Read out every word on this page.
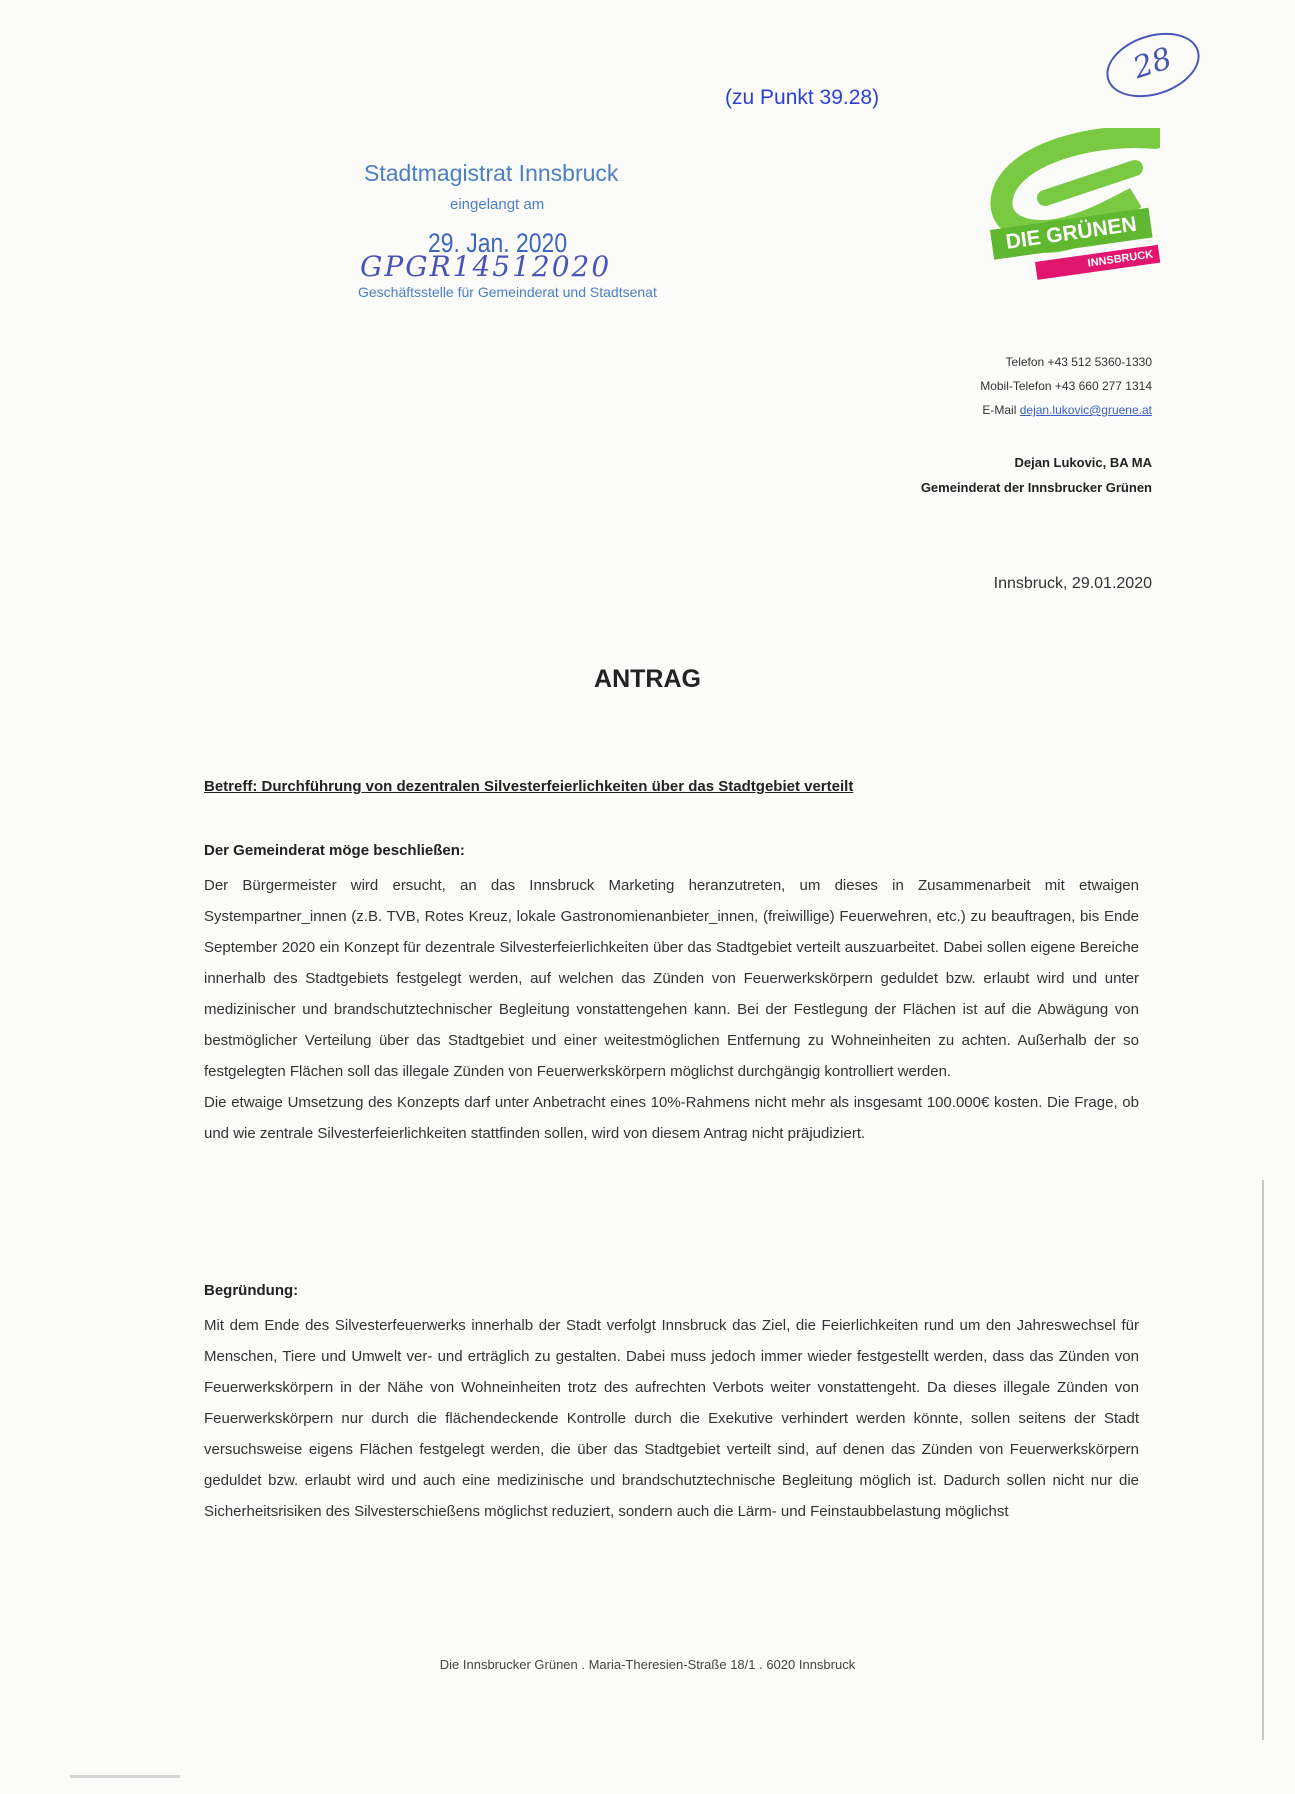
(zu Punkt 39.28)
28
Stadtmagistrat Innsbruck
eingelangt am
29. Jan. 2020
GPGR14512020
Geschäftsstelle für Gemeinderat und Stadtsenat
DIE GRÜNEN
INNSBRUCK
Telefon +43 512 5360-1330
Mobil-Telefon +43 660 277 1314
E-Mail dejan.lukovic@gruene.at
Dejan Lukovic, BA MA
Gemeinderat der Innsbrucker Grünen
Innsbruck, 29.01.2020
ANTRAG
Betreff: Durchführung von dezentralen Silvesterfeierlichkeiten über das Stadtgebiet verteilt
Der Gemeinderat möge beschließen:

Der Bürgermeister wird ersucht, an das Innsbruck Marketing heranzutreten, um dieses in Zusammenarbeit mit etwaigen Systempartner_innen (z.B. TVB, Rotes Kreuz, lokale Gastronomienanbieter_innen, (freiwillige) Feuerwehren, etc.) zu beauftragen, bis Ende September 2020 ein Konzept für dezentrale Silvesterfeierlichkeiten über das Stadtgebiet verteilt auszuarbeitet. Dabei sollen eigene Bereiche innerhalb des Stadtgebiets festgelegt werden, auf welchen das Zünden von Feuerwerkskörpern geduldet bzw. erlaubt wird und unter medizinischer und brandschutztechnischer Begleitung vonstattengehen kann. Bei der Festlegung der Flächen ist auf die Abwägung von bestmöglicher Verteilung über das Stadtgebiet und einer weitestmöglichen Entfernung zu Wohneinheiten zu achten. Außerhalb der so festgelegten Flächen soll das illegale Zünden von Feuerwerkskörpern möglichst durchgängig kontrolliert werden.

Die etwaige Umsetzung des Konzepts darf unter Anbetracht eines 10%-Rahmens nicht mehr als insgesamt 100.000€ kosten. Die Frage, ob und wie zentrale Silvesterfeierlichkeiten stattfinden sollen, wird von diesem Antrag nicht präjudiziert.

Begründung:

Mit dem Ende des Silvesterfeuerwerks innerhalb der Stadt verfolgt Innsbruck das Ziel, die Feierlichkeiten rund um den Jahreswechsel für Menschen, Tiere und Umwelt ver- und erträglich zu gestalten. Dabei muss jedoch immer wieder festgestellt werden, dass das Zünden von Feuerwerkskörpern in der Nähe von Wohneinheiten trotz des aufrechten Verbots weiter vonstattengeht. Da dieses illegale Zünden von Feuerwerkskörpern nur durch die flächendeckende Kontrolle durch die Exekutive verhindert werden könnte, sollen seitens der Stadt versuchsweise eigens Flächen festgelegt werden, die über das Stadtgebiet verteilt sind, auf denen das Zünden von Feuerwerkskörpern geduldet bzw. erlaubt wird und auch eine medizinische und brandschutztechnische Begleitung möglich ist. Dadurch sollen nicht nur die Sicherheitsrisiken des Silvesterschießens möglichst reduziert, sondern auch die Lärm- und Feinstaubbelastung möglichst

Die Innsbrucker Grünen . Maria-Theresien-Straße 18/1 . 6020 Innsbruck
